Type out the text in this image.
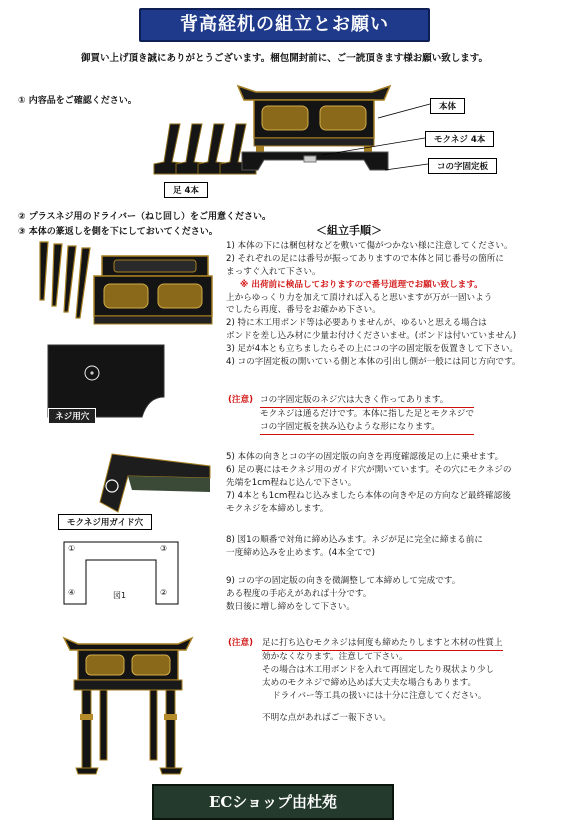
背高経机の組立とお願い
御買い上げ頂き誠にありがとうございます。梱包開封前に、ご一読頂きます様お願い致します。
① 内容品をご確認ください。
② プラスネジ用のドライバー（ねじ回し）をご用意ください。
③ 本体の篆返しを側を下にしておいてください。
足 4本
本体
モクネジ 4本
コの字固定板
＜組立手順＞
ネジ用穴
モクネジ用ガイド穴
①	③
④	②
図1
1) 本体の下には梱包材などを敷いて傷がつかない様に注意してください。
2) それぞれの足には番号が振ってありますので本体と同じ番号の箇所に
まっすぐ入れて下さい。
※ 出荷前に検品しておりますので番号道理でお願い致します。
上からゆっくり力を加えて頂ければ入ると思いますが万が一固いよう
でしたら再度、番号をお確かめ下さい。
2) 特に木工用ボンド等は必要ありませんが、ゆるいと思える場合は
ボンドを差し込み材に少量お付けくださいませ。(ボンドは付いていません)
3) 足が4本とも立ちましたらその上にコの字の固定版を仮置きして下さい。
4) コの字固定板の開いている側と本体の引出し側が一般には同じ方向です。
(注意) コの字固定版のネジ穴は大きく作ってあります。
モクネジは通るだけです。本体に指した足とモクネジで
コの字固定板を挟み込むような形になります。
5) 本体の向きとコの字の固定版の向きを再度確認後足の上に乗せます。
6) 足の裏にはモクネジ用のガイド穴が開いています。その穴にモクネジの
先端を1cm程ねじ込んで下さい。
7) 4本とも1cm程ねじ込みましたら本体の向きや足の方向など最終確認後
モクネジを本締めします。
8) 図1の順番で対角に締め込みます。ネジが足に完全に締まる前に
一度締め込みを止めます。(4本全てで)
9) コの字の固定版の向きを微調整して本締めして完成です。
ある程度の手応えがあれば十分です。
数日後に増し締めをして下さい。
(注意) 足に打ち込むモクネジは何度も締めたりしますと木材の性質上
効かなくなります。注意して下さい。
その場合は木工用ボンドを入れて再固定したり現状より少し
太めのモクネジで締め込めば大丈夫な場合もあります。
ドライバー等工具の扱いには十分に注意してください。
不明な点があればご一報下さい。
ECショップ由杜苑
